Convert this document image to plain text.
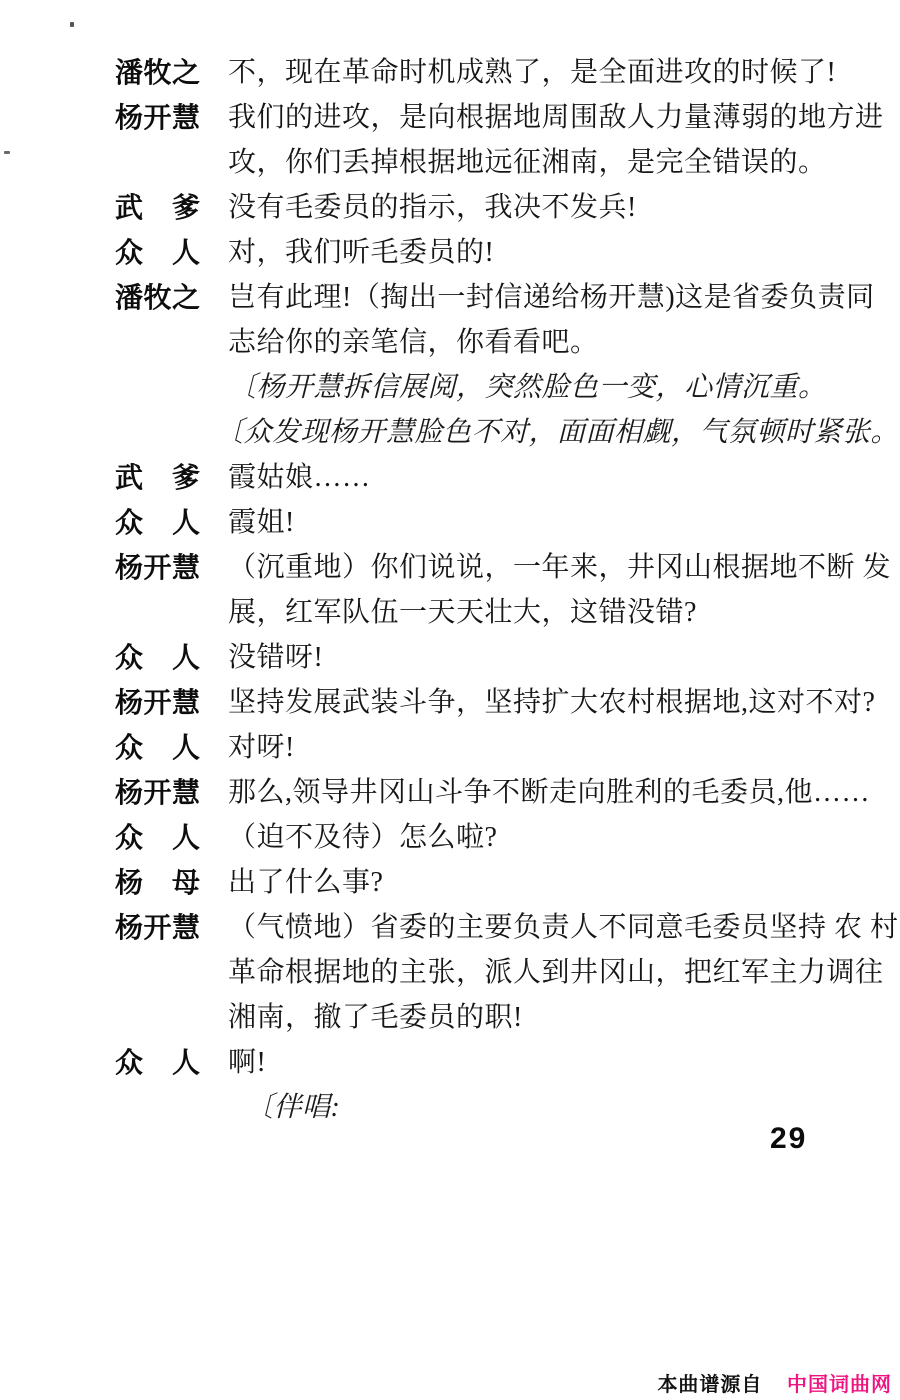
潘牧之 不，现在革命时机成熟了，是全面进攻的时候了!
杨开慧 我们的进攻，是向根据地周围敌人力量薄弱的地方进
攻，你们丢掉根据地远征湘南，是完全错误的。
武　爹 没有毛委员的指示，我决不发兵!
众　人 对，我们听毛委员的!
潘牧之 岂有此理!（掏出一封信递给杨开慧)这是省委负责同
志给你的亲笔信，你看看吧。
〔杨开慧拆信展阅，突然脸色一变，心情沉重。
〔众发现杨开慧脸色不对，面面相觑，气氛顿时紧张。
武　爹 霞姑娘……
众　人 霞姐!
杨开慧 （沉重地）你们说说，一年来，井冈山根据地不断 发
展，红军队伍一天天壮大，这错没错?
众　人 没错呀!
杨开慧 坚持发展武装斗争，坚持扩大农村根据地,这对不对?
众　人 对呀!
杨开慧 那么,领导井冈山斗争不断走向胜利的毛委员,他……
众　人 （迫不及待）怎么啦?
杨　母 出了什么事?
杨开慧 （气愤地）省委的主要负责人不同意毛委员坚持 农 村
革命根据地的主张，派人到井冈山，把红军主力调往
湘南，撤了毛委员的职!
众　人 啊!
〔伴唱:
29
本曲谱源自 中国词曲网
